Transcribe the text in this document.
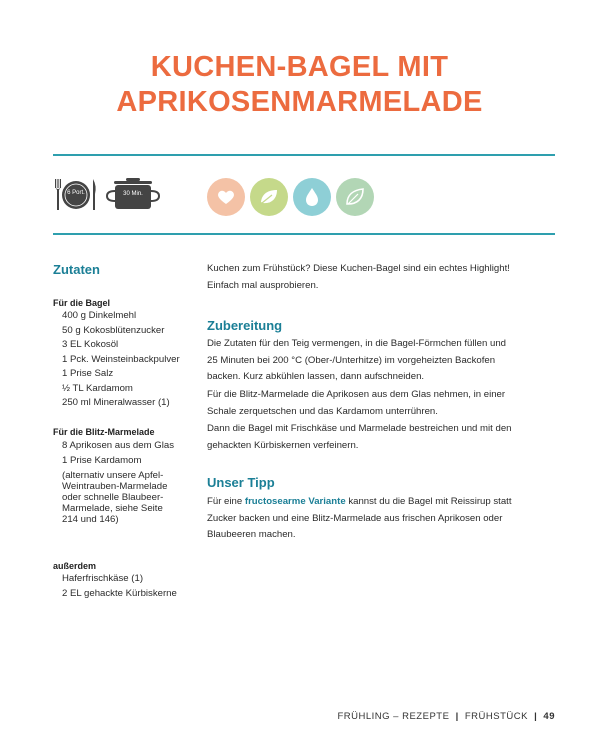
KUCHEN-BAGEL MIT
APRIKOSENMARMELADE
6 Port.	30 Min.
Zutaten
Für die Bagel
400 g Dinkelmehl
50 g Kokosblütenzucker
3 EL Kokosöl
1 Pck. Weinsteinbackpulver
1 Prise Salz
½ TL Kardamom
250 ml Mineralwasser (1)
Für die Blitz-Marmelade
8 Aprikosen aus dem Glas
1 Prise Kardamom
(alternativ unsere Apfel-
Weintrauben-Marmelade
oder schnelle Blaubeer-
Marmelade, siehe Seite
214 und 146)
außerdem
Haferfrischkäse (1)
2 EL gehackte Kürbiskerne

Kuchen zum Frühstück? Diese Kuchen-Bagel sind ein echtes Highlight!
Einfach mal ausprobieren.

Zubereitung

Die Zutaten für den Teig vermengen, in die Bagel-Förmchen füllen und
25 Minuten bei 200 °C (Ober-/Unterhitze) im vorgeheizten Backofen
backen. Kurz abkühlen lassen, dann aufschneiden.

Für die Blitz-Marmelade die Aprikosen aus dem Glas nehmen, in einer
Schale zerquetschen und das Kardamom unterrühren.

Dann die Bagel mit Frischkäse und Marmelade bestreichen und mit den
gehackten Kürbiskernen verfeinern.

Unser Tipp

Für eine fructosearme Variante kannst du die Bagel mit Reissirup statt
Zucker backen und eine Blitz-Marmelade aus frischen Aprikosen oder
Blaubeeren machen.

FRÜHLING – REZEPTE | FRÜHSTÜCK | 49
